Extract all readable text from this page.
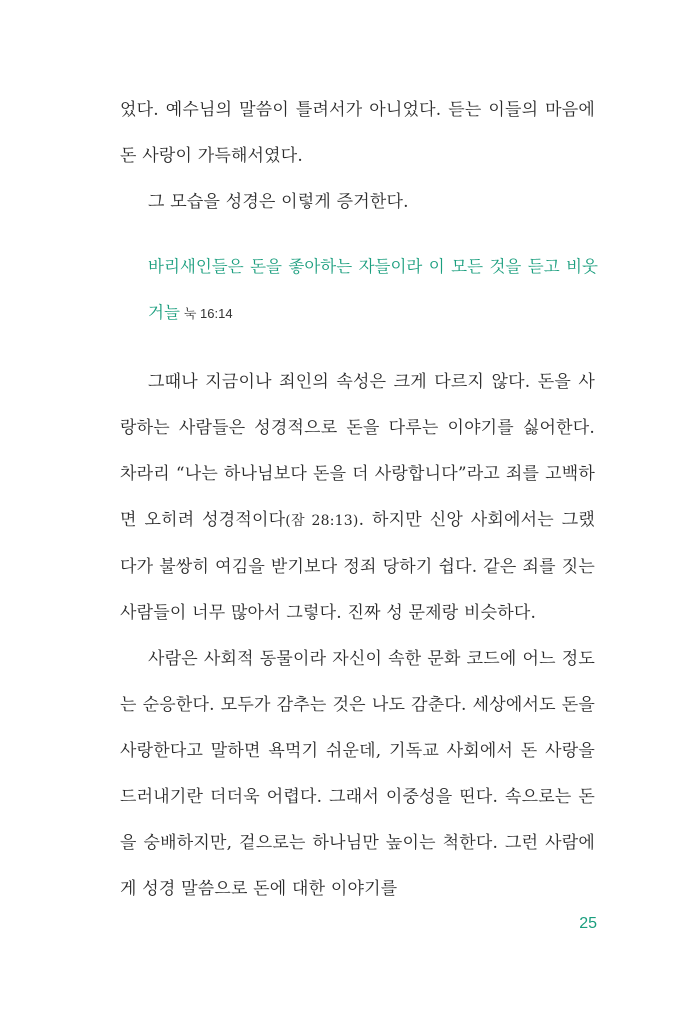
었다. 예수님의 말씀이 틀려서가 아니었다. 듣는 이들의 마음에 돈 사랑이 가득해서였다.

그 모습을 성경은 이렇게 증거한다.

바리새인들은 돈을 좋아하는 자들이라 이 모든 것을 듣고 비웃거늘 눅 16:14

그때나 지금이나 죄인의 속성은 크게 다르지 않다. 돈을 사랑하는 사람들은 성경적으로 돈을 다루는 이야기를 싫어한다. 차라리 “나는 하나님보다 돈을 더 사랑합니다”라고 죄를 고백하면 오히려 성경적이다(잠 28:13). 하지만 신앙 사회에서는 그랬다가 불쌍히 여김을 받기보다 정죄 당하기 쉽다. 같은 죄를 짓는 사람들이 너무 많아서 그렇다. 진짜 성 문제랑 비슷하다.

사람은 사회적 동물이라 자신이 속한 문화 코드에 어느 정도는 순응한다. 모두가 감추는 것은 나도 감춘다. 세상에서도 돈을 사랑한다고 말하면 욕먹기 쉬운데, 기독교 사회에서 돈 사랑을 드러내기란 더더욱 어렵다. 그래서 이중성을 띤다. 속으로는 돈을 숭배하지만, 겉으로는 하나님만 높이는 척한다. 그런 사람에게 성경 말씀으로 돈에 대한 이야기를

25
